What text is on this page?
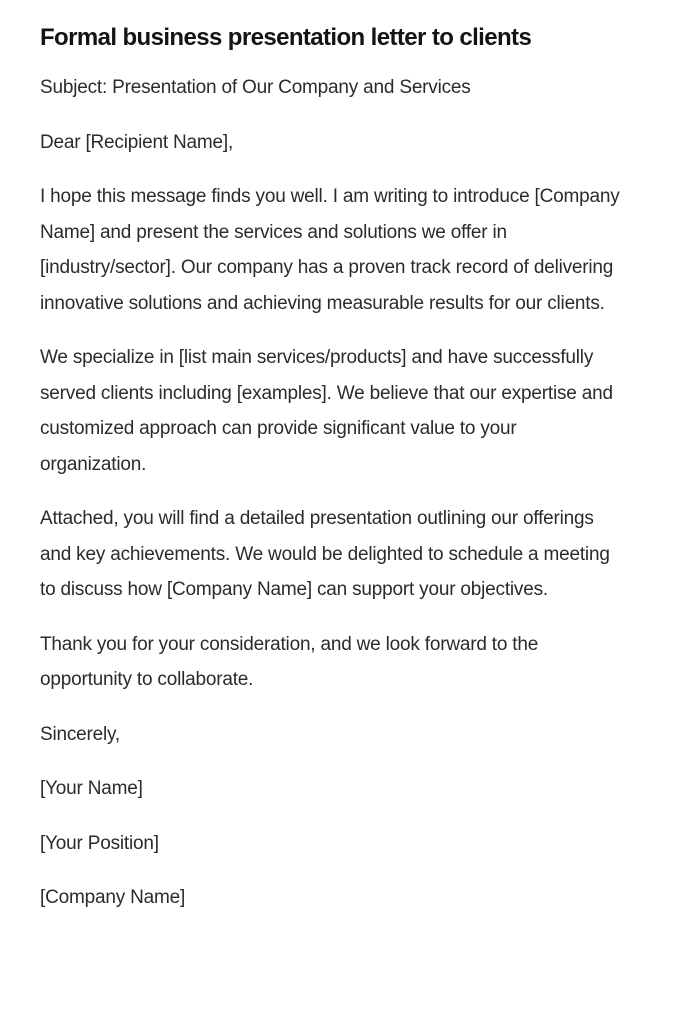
Formal business presentation letter to clients

Subject: Presentation of Our Company and Services

Dear [Recipient Name],

I hope this message finds you well. I am writing to introduce [Company Name] and present the services and solutions we offer in [industry/sector]. Our company has a proven track record of delivering innovative solutions and achieving measurable results for our clients.

We specialize in [list main services/products] and have successfully served clients including [examples]. We believe that our expertise and customized approach can provide significant value to your organization.

Attached, you will find a detailed presentation outlining our offerings and key achievements. We would be delighted to schedule a meeting to discuss how [Company Name] can support your objectives.

Thank you for your consideration, and we look forward to the opportunity to collaborate.

Sincerely,

[Your Name]

[Your Position]

[Company Name]
